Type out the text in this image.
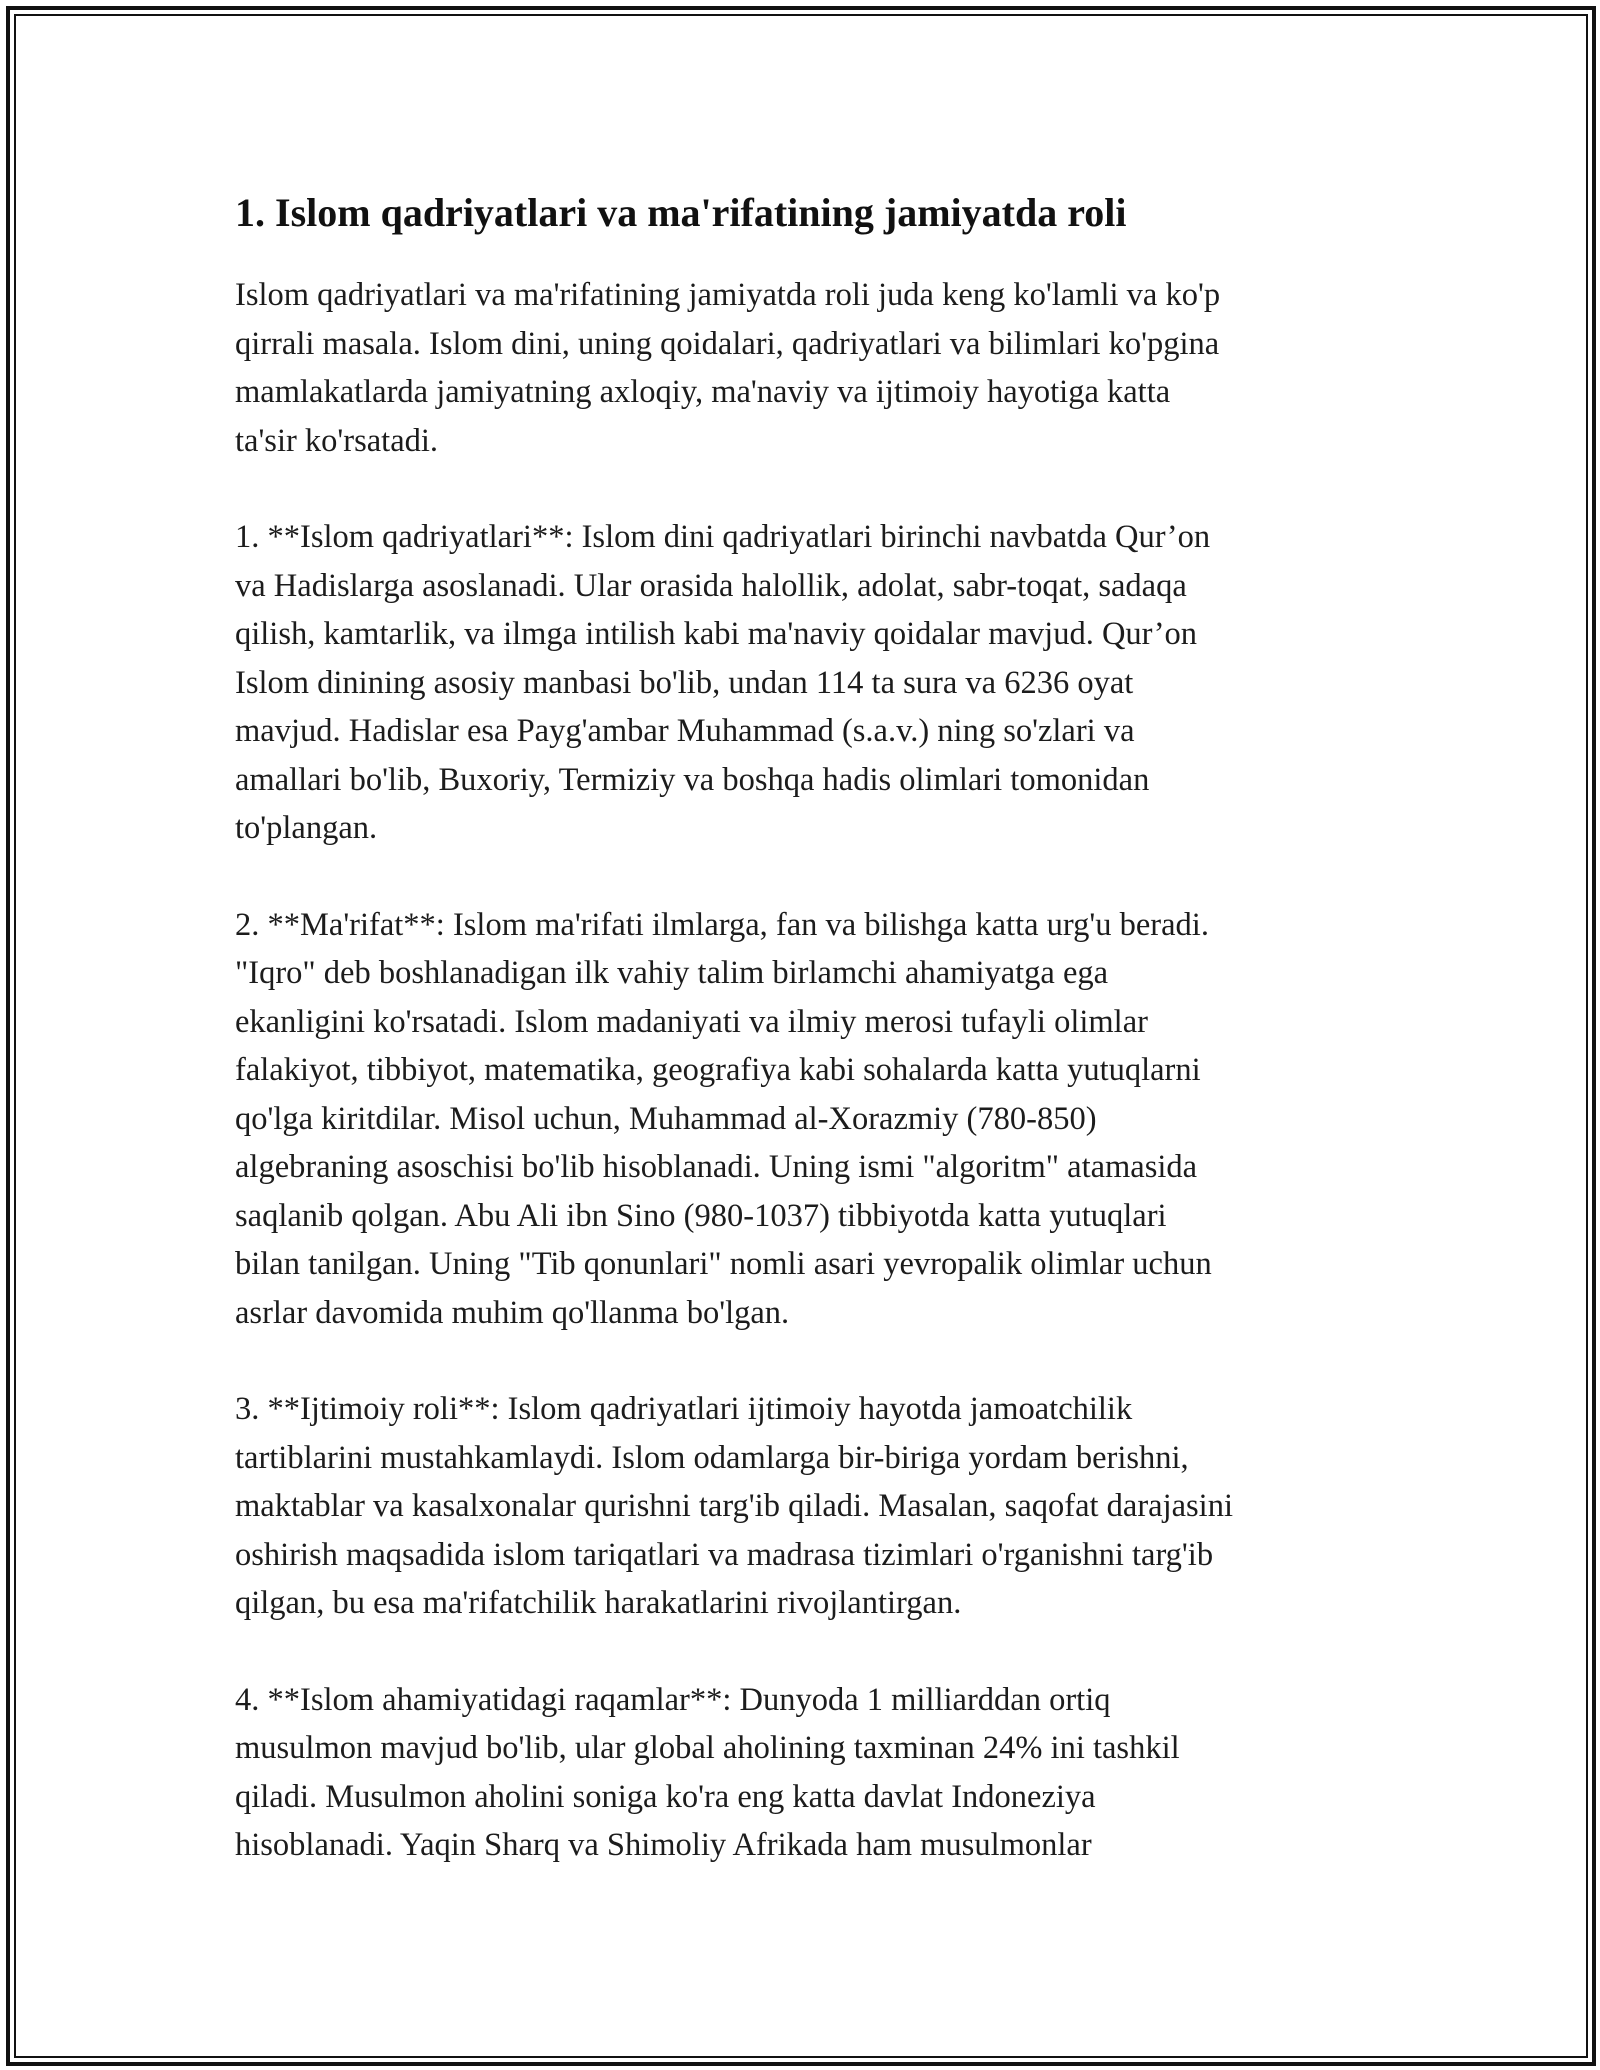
1. Islom qadriyatlari va ma'rifatining jamiyatda roli

Islom qadriyatlari va ma'rifatining jamiyatda roli juda keng ko'lamli va ko'p
qirrali masala. Islom dini, uning qoidalari, qadriyatlari va bilimlari ko'pgina
mamlakatlarda jamiyatning axloqiy, ma'naviy va ijtimoiy hayotiga katta
ta'sir ko'rsatadi.

1. **Islom qadriyatlari**: Islom dini qadriyatlari birinchi navbatda Qur’on
va Hadislarga asoslanadi. Ular orasida halollik, adolat, sabr-toqat, sadaqa
qilish, kamtarlik, va ilmga intilish kabi ma'naviy qoidalar mavjud. Qur’on
Islom dinining asosiy manbasi bo'lib, undan 114 ta sura va 6236 oyat
mavjud. Hadislar esa Payg'ambar Muhammad (s.a.v.) ning so'zlari va
amallari bo'lib, Buxoriy, Termiziy va boshqa hadis olimlari tomonidan
to'plangan.

2. **Ma'rifat**: Islom ma'rifati ilmlarga, fan va bilishga katta urg'u beradi.
"Iqro" deb boshlanadigan ilk vahiy talim birlamchi ahamiyatga ega
ekanligini ko'rsatadi. Islom madaniyati va ilmiy merosi tufayli olimlar
falakiyot, tibbiyot, matematika, geografiya kabi sohalarda katta yutuqlarni
qo'lga kiritdilar. Misol uchun, Muhammad al-Xorazmiy (780-850)
algebraning asoschisi bo'lib hisoblanadi. Uning ismi "algoritm" atamasida
saqlanib qolgan. Abu Ali ibn Sino (980-1037) tibbiyotda katta yutuqlari
bilan tanilgan. Uning "Tib qonunlari" nomli asari yevropalik olimlar uchun
asrlar davomida muhim qo'llanma bo'lgan.

3. **Ijtimoiy roli**: Islom qadriyatlari ijtimoiy hayotda jamoatchilik
tartiblarini mustahkamlaydi. Islom odamlarga bir-biriga yordam berishni,
maktablar va kasalxonalar qurishni targ'ib qiladi. Masalan, saqofat darajasini
oshirish maqsadida islom tariqatlari va madrasa tizimlari o'rganishni targ'ib
qilgan, bu esa ma'rifatchilik harakatlarini rivojlantirgan.

4. **Islom ahamiyatidagi raqamlar**: Dunyoda 1 milliarddan ortiq
musulmon mavjud bo'lib, ular global aholining taxminan 24% ini tashkil
qiladi. Musulmon aholini soniga ko'ra eng katta davlat Indoneziya
hisoblanadi. Yaqin Sharq va Shimoliy Afrikada ham musulmonlar
